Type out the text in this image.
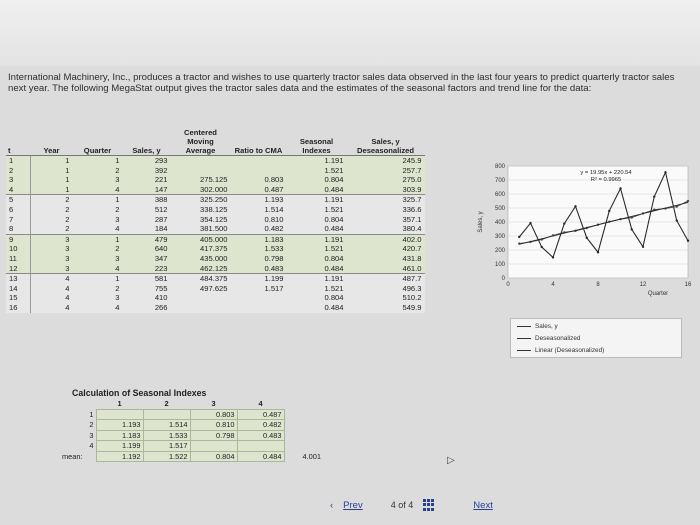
International Machinery, Inc., produces a tractor and wishes to use quarterly tractor sales data observed in the last four years to predict quarterly tractor sales next year. The following MegaStat output gives the tractor sales data and the estimates of the seasonal factors and trend line for the data:
t	Year	Quarter	Sales, y	Centered Moving Average	Ratio to CMA	Seasonal Indexes	Sales, y Deseasonalized
1	1	1	293			1.191	245.9
2	1	2	392			1.521	257.7
3	1	3	221	275.125	0.803	0.804	275.0
4	1	4	147	302.000	0.487	0.484	303.9
5	2	1	388	325.250	1.193	1.191	325.7
6	2	2	512	338.125	1.514	1.521	336.6
7	2	3	287	354.125	0.810	0.804	357.1
8	2	4	184	381.500	0.482	0.484	380.4
9	3	1	479	405.000	1.183	1.191	402.0
10	3	2	640	417.375	1.533	1.521	420.7
11	3	3	347	435.000	0.798	0.804	431.8
12	3	4	223	462.125	0.483	0.484	461.0
13	4	1	581	484.375	1.199	1.191	487.7
14	4	2	755	497.625	1.517	1.521	496.3
15	4	3	410			0.804	510.2
16	4	4	266			0.484	549.9
0
100
200
300
400
500
600
700
800
0	4	8	12	16
Sales, y
Quarter
y = 19.95x + 220.54
R² = 0.9965
Sales, y
Deseasonalized
Linear (Deseasonalized)
Calculation of Seasonal Indexes
		1	2	3	4	
	1			0.803	0.487	
	2	1.193	1.514	0.810	0.482	
	3	1.183	1.533	0.798	0.483	
	4	1.199	1.517			
mean:		1.192	1.522	0.804	0.484	4.001	▷
‹ Prev	4 of 4	Next
